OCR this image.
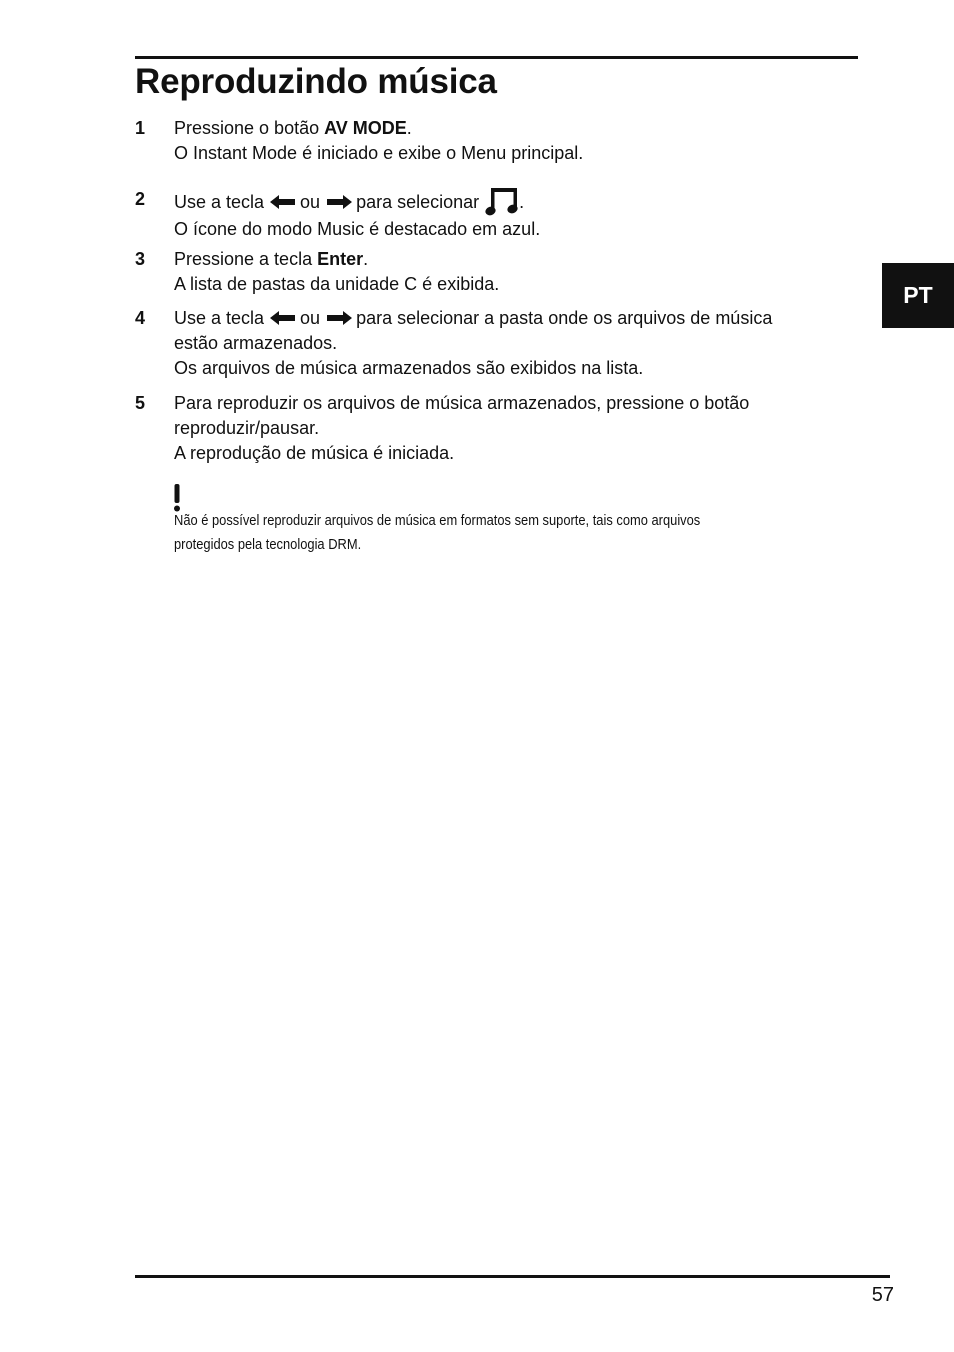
Reproduzindo música
PT
1	Pressione o botão AV MODE.
O Instant Mode é iniciado e exibe o Menu principal.
2	Use a tecla ou para selecionar .
O ícone do modo Music é destacado em azul.
3	Pressione a tecla Enter.
A lista de pastas da unidade C é exibida.
4	Use a tecla ou para selecionar a pasta onde os arquivos de música
estão armazenados.
Os arquivos de música armazenados são exibidos na lista.
5	Para reproduzir os arquivos de música armazenados, pressione o botão
reproduzir/pausar.
A reprodução de música é iniciada.
Não é possível reproduzir arquivos de música em formatos sem suporte, tais como arquivos
protegidos pela tecnologia DRM.
57
